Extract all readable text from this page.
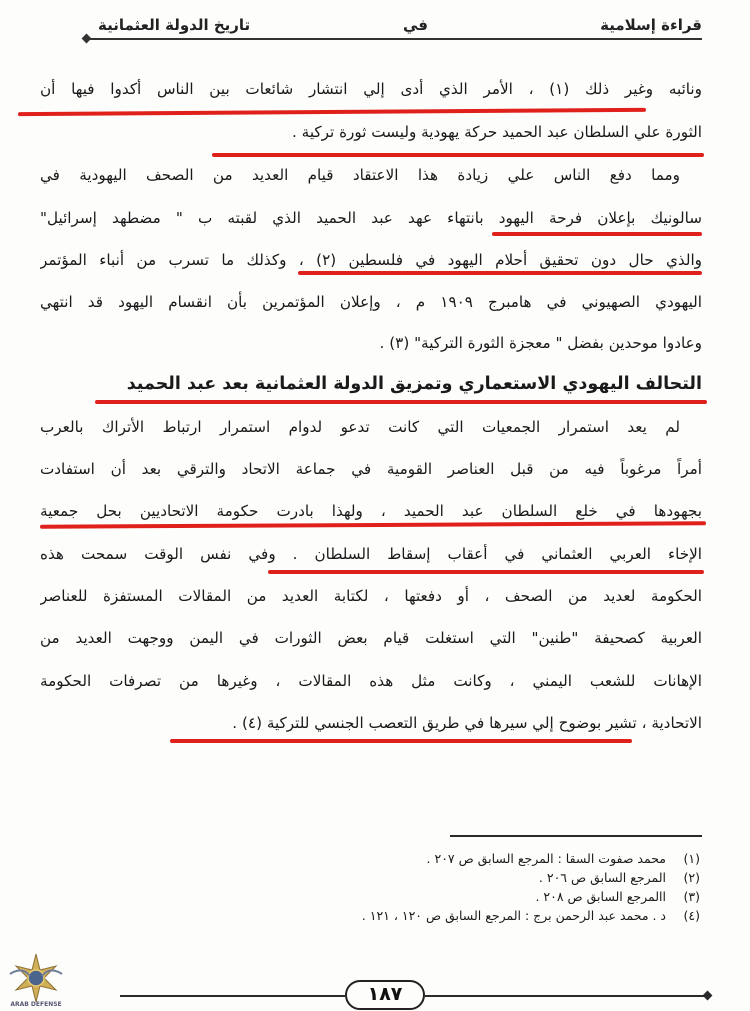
قراءة إسلامية
في
تاريخ الدولة العثمانية
ونائبه وغير ذلك (١) ، الأمر الذي أدى إلي انتشار شائعات بين الناس أكدوا فيها أن
الثورة علي السلطان عبد الحميد حركة يهودية وليست ثورة تركية .
ومما دفع الناس علي زيادة هذا الاعتقاد قيام العديد من الصحف اليهودية في
سالونيك بإعلان فرحة اليهود بانتهاء عهد عبد الحميد الذي لقبته ب " مضطهد إسرائيل"
والذي حال دون تحقيق أحلام اليهود في فلسطين (٢) ، وكذلك ما تسرب من أنباء المؤتمر
اليهودي الصهيوني في هامبرج ١٩٠٩ م ، وإعلان المؤتمرين بأن انقسام اليهود قد انتهي
وعادوا موحدين بفضل " معجزة الثورة التركية" (٣) .
التحالف اليهودي الاستعماري وتمزيق الدولة العثمانية بعد عبد الحميد
لم يعد استمرار الجمعيات التي كانت تدعو لدوام استمرار ارتباط الأتراك بالعرب
أمراً مرغوباً فيه من قبل العناصر القومية في جماعة الاتحاد والترقي بعد أن استفادت
بجهودها في خلع السلطان عبد الحميد ، ولهذا بادرت حكومة الاتحاديين بحل جمعية
الإخاء العربي العثماني في أعقاب إسقاط السلطان . وفي نفس الوقت سمحت هذه
الحكومة لعديد من الصحف ، أو دفعتها ، لكتابة العديد من المقالات المستفزة للعناصر
العربية كصحيفة "طنين" التي استغلت قيام بعض الثورات في اليمن ووجهت العديد من
الإهانات للشعب اليمني ، وكانت مثل هذه المقالات ، وغيرها من تصرفات الحكومة
الاتحادية ، تشير بوضوح إلي سيرها في طريق التعصب الجنسي للتركية (٤) .
(١)محمد صفوت السقا : المرجع السابق ص ٢٠٧ .
(٢)المرجع السابق ص ٢٠٦ .
(٣)االمرجع السابق ص ٢٠٨ .
(٤)د . محمد عبد الرحمن برج : المرجع السابق ص ١٢٠ ، ١٢١ .
١٨٧
ARAB DEFENSE
